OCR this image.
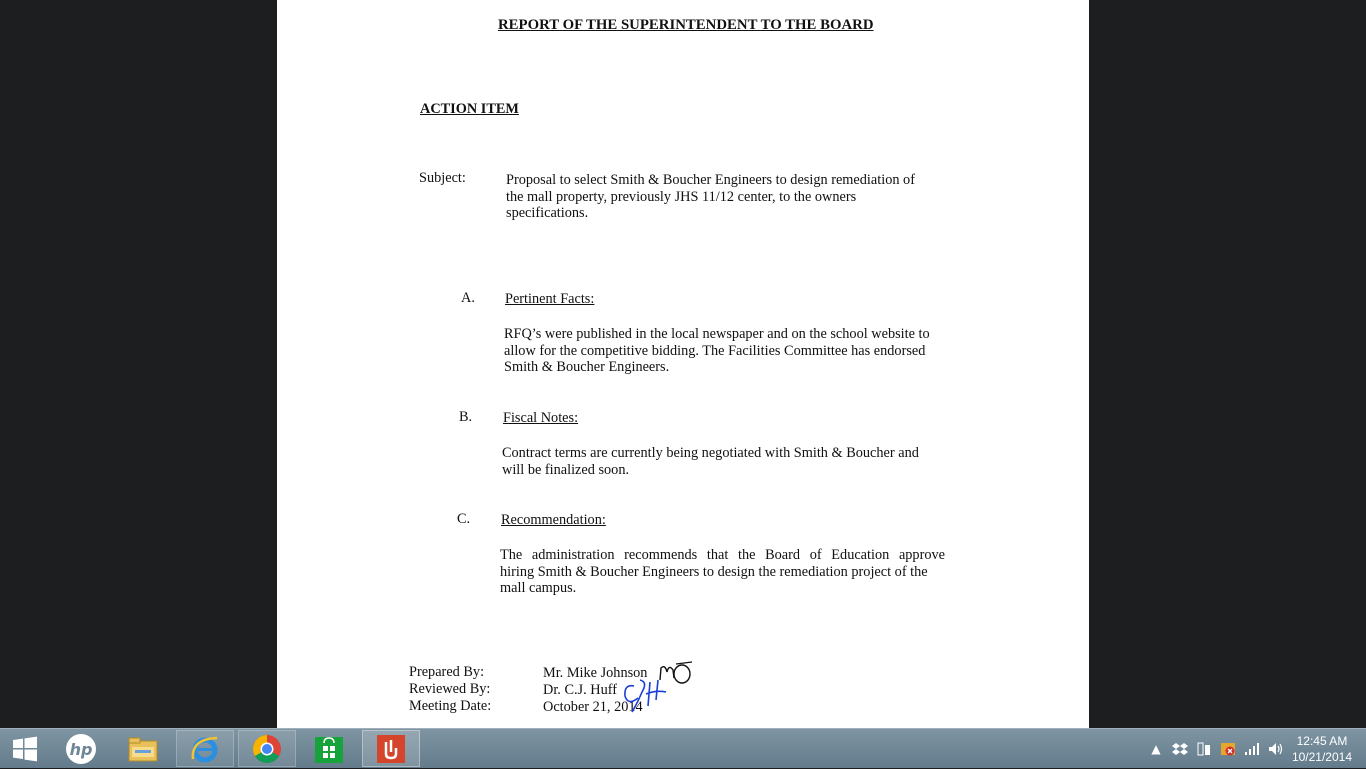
REPORT OF THE SUPERINTENDENT TO THE BOARD
ACTION ITEM
Subject:	Proposal to select Smith & Boucher Engineers to design remediation of
the mall property, previously JHS 11/12 center, to the owners
specifications.
A. Pertinent Facts:
RFQ’s were published in the local newspaper and on the school website to
allow for the competitive bidding. The Facilities Committee has endorsed
Smith & Boucher Engineers.
B. Fiscal Notes:
Contract terms are currently being negotiated with Smith & Boucher and
will be finalized soon.
C. Recommendation:
The administration recommends that the Board of Education approve
hiring Smith & Boucher Engineers to design the remediation project of the
mall campus.
Prepared By:	Mr. Mike Johnson
Reviewed By:	Dr. C.J. Huff
Meeting Date:	October 21, 2014
hp	▲
12:45 AM
10/21/2014
